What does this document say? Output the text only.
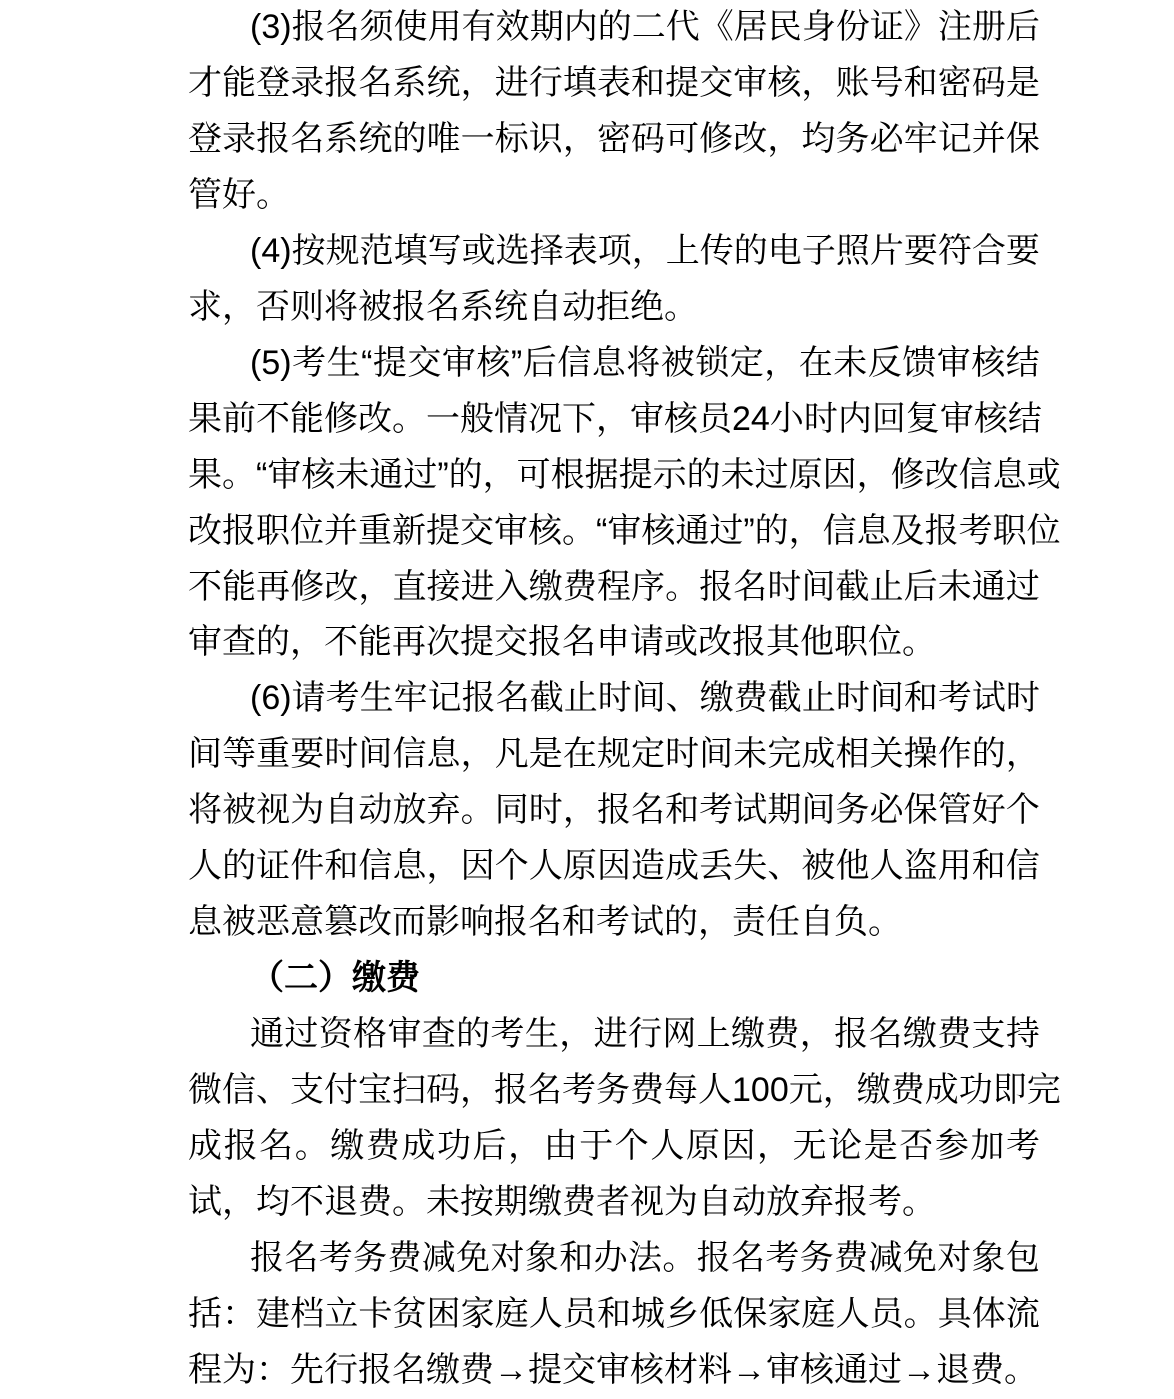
(3) 报 名 须 使 用 有 效 期 内 的 二 代 《 居 民 身 份 证 》 注 册 后
才 能 登 录 报 名 系 统 ， 进 行 填 表 和 提 交 审 核 ， 账 号 和 密 码 是
登 录 报 名 系 统 的 唯 一 标 识 ， 密 码 可 修 改 ， 均 务 必 牢 记 并 保
管好。
(4) 按 规 范 填 写 或 选 择 表 项 ， 上 传 的 电 子 照 片 要 符 合 要
求，否则将被报名系统自动拒绝。
(5) 考 生 “ 提 交 审 核 ” 后 信 息 将 被 锁 定 ， 在 未 反 馈 审 核 结
果 前 不 能 修 改 。 一 般 情 况 下 ， 审 核 员 24 小 时 内 回 复 审 核 结
果 。 “ 审 核 未 通 过 ” 的 ， 可 根 据 提 示 的 未 过 原 因 ， 修 改 信 息 或
改 报 职 位 并 重 新 提 交 审 核 。 “ 审 核 通 过 ” 的 ， 信 息 及 报 考 职 位
不 能 再 修 改 ， 直 接 进 入 缴 费 程 序 。 报 名 时 间 截 止 后 未 通 过
审查的，不能再次提交报名申请或改报其他职位。
(6) 请 考 生 牢 记 报 名 截 止 时 间 、 缴 费 截 止 时 间 和 考 试 时
间 等 重 要 时 间 信 息 ， 凡 是 在 规 定 时 间 未 完 成 相 关 操 作 的 ，
将 被 视 为 自 动 放 弃 。 同 时 ， 报 名 和 考 试 期 间 务 必 保 管 好 个
人 的 证 件 和 信 息 ， 因 个 人 原 因 造 成 丢 失 、 被 他 人 盗 用 和 信
息被恶意篡改而影响报名和考试的，责任自负。
（二）缴费
通 过 资 格 审 查 的 考 生 ， 进 行 网 上 缴 费 ， 报 名 缴 费 支 持
微 信 、 支 付 宝 扫 码 ， 报 名 考 务 费 每 人 100 元 ， 缴 费 成 功 即 完
成 报 名 。 缴 费 成 功 后 ， 由 于 个 人 原 因 ， 无 论 是 否 参 加 考
试，均不退费。未按期缴费者视为自动放弃报考。
报 名 考 务 费 减 免 对 象 和 办 法 。 报 名 考 务 费 减 免 对 象 包
括 ： 建 档 立 卡 贫 困 家 庭 人 员 和 城 乡 低 保 家 庭 人 员 。 具 体 流
程为：先行报名缴费→提交审核材料→审核通过→退费。
